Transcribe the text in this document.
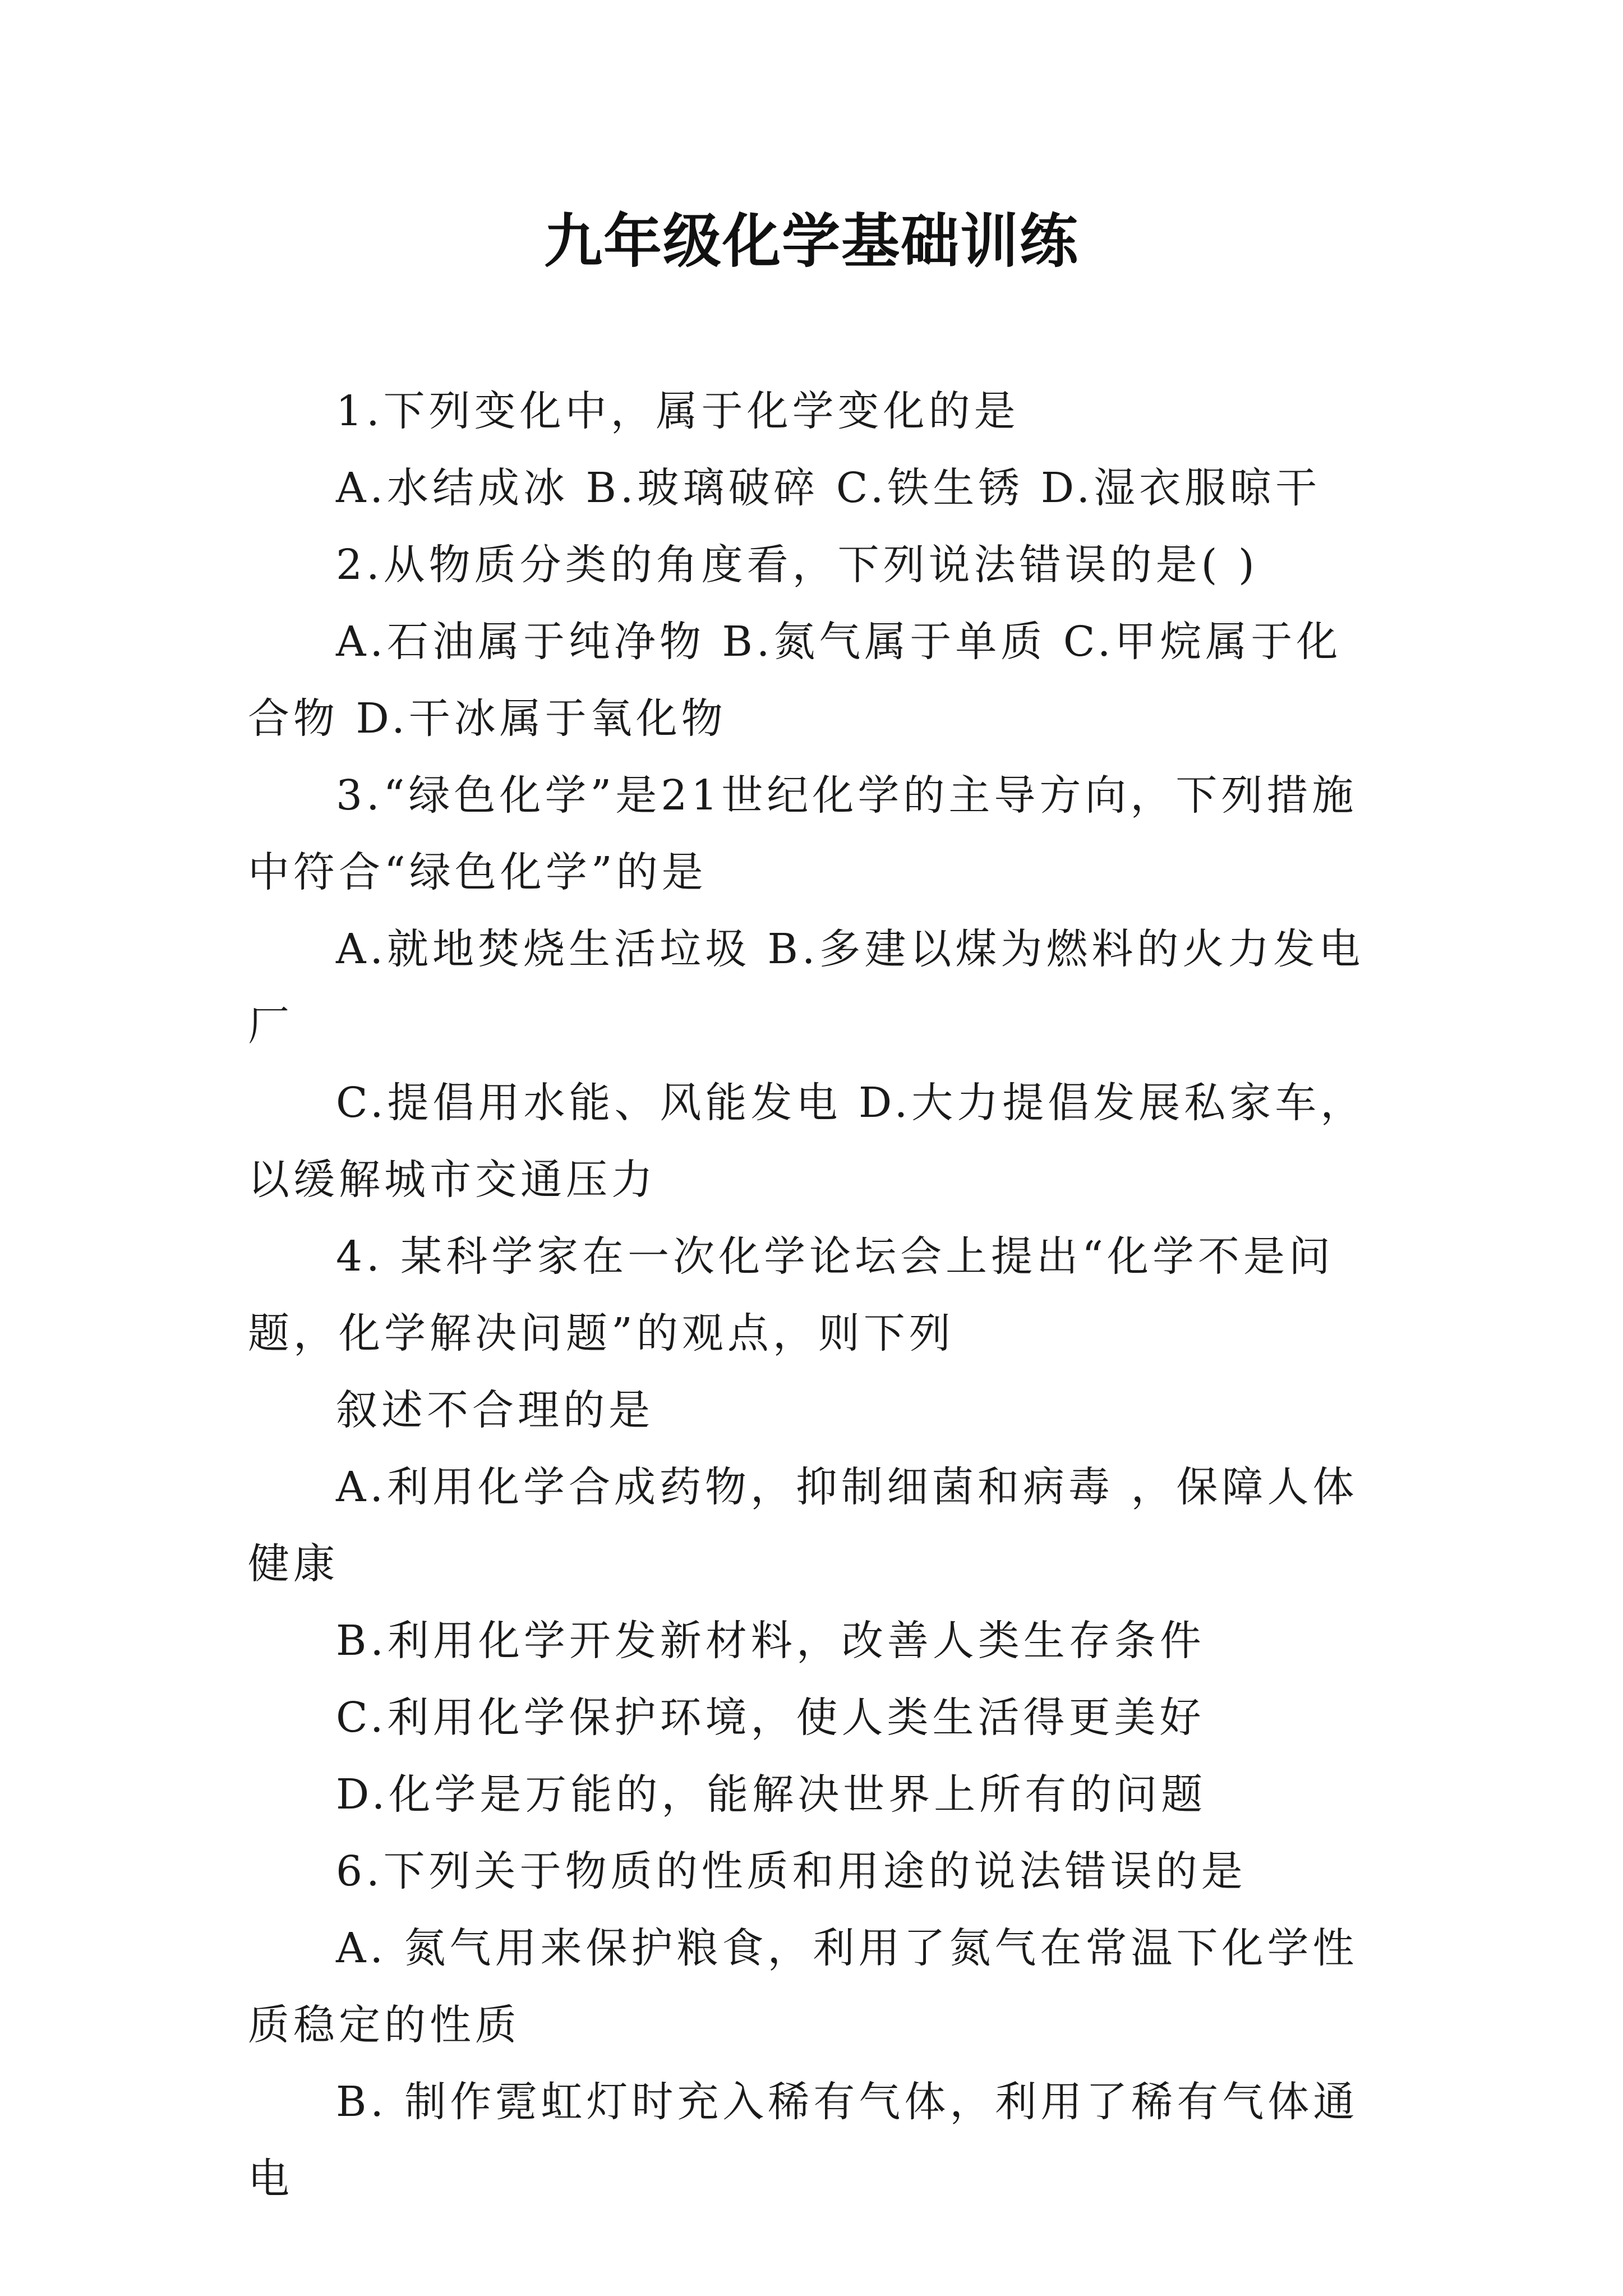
九年级化学基础训练

1.下列变化中，属于化学变化的是

A.水结成冰 B.玻璃破碎 C.铁生锈 D.湿衣服晾干

2.从物质分类的角度看，下列说法错误的是( )

A.石油属于纯净物 B.氮气属于单质 C.甲烷属于化合物 D.干冰属于氧化物

3.“绿色化学”是21世纪化学的主导方向，下列措施中符合“绿色化学”的是

A.就地焚烧生活垃圾 B.多建以煤为燃料的火力发电厂

C.提倡用水能、风能发电 D.大力提倡发展私家车，以缓解城市交通压力

4. 某科学家在一次化学论坛会上提出“化学不是问题，化学解决问题”的观点，则下列

叙述不合理的是

A.利用化学合成药物，抑制细菌和病毒 ，保障人体健康

B.利用化学开发新材料，改善人类生存条件

C.利用化学保护环境，使人类生活得更美好

D.化学是万能的，能解决世界上所有的问题

6.下列关于物质的性质和用途的说法错误的是

A. 氮气用来保护粮食，利用了氮气在常温下化学性质稳定的性质

B. 制作霓虹灯时充入稀有气体，利用了稀有气体通电
